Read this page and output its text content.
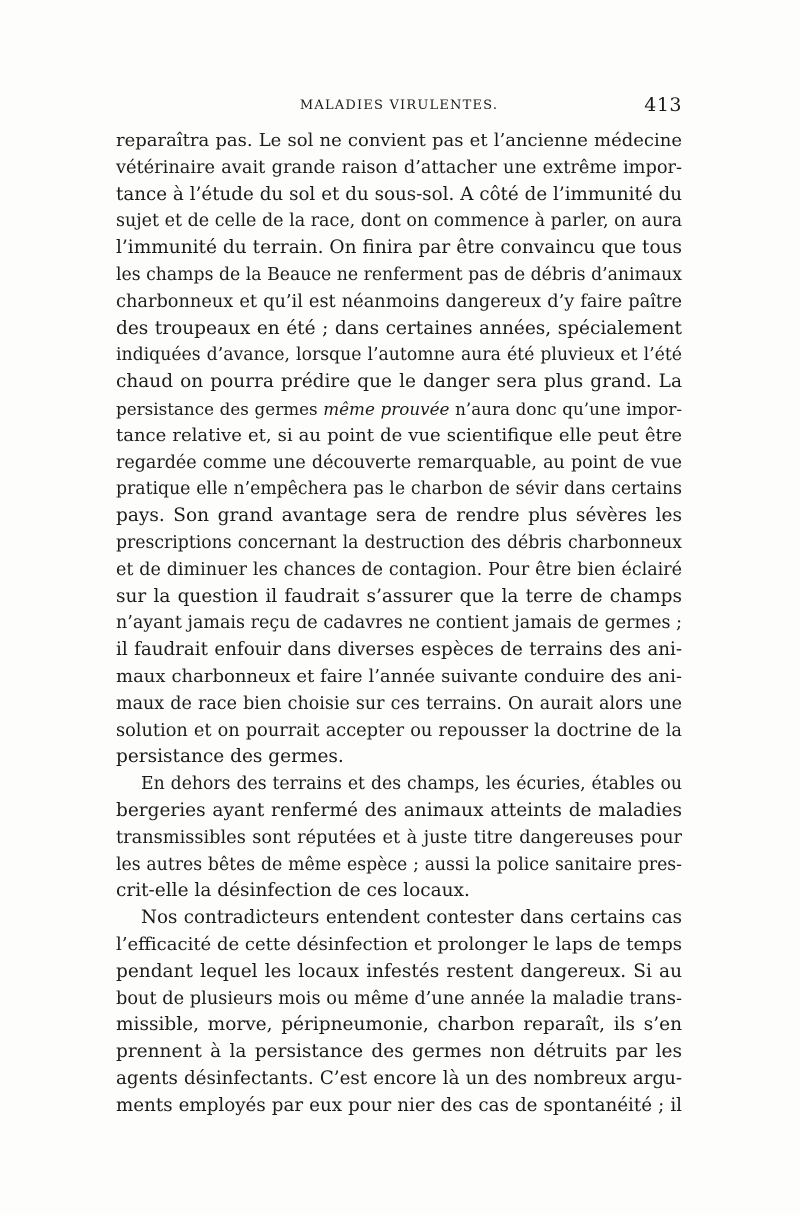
MALADIES VIRULENTES.	413
reparaîtra pas. Le sol ne convient pas et l’ancienne médecine
vétérinaire avait grande raison d’attacher une extrême impor-
tance à l’étude du sol et du sous-sol. A côté de l’immunité du
sujet et de celle de la race, dont on commence à parler, on aura
l’immunité du terrain. On finira par être convaincu que tous
les champs de la Beauce ne renferment pas de débris d’animaux
charbonneux et qu’il est néanmoins dangereux d’y faire paître
des troupeaux en été ; dans certaines années, spécialement
indiquées d’avance, lorsque l’automne aura été pluvieux et l’été
chaud on pourra prédire que le danger sera plus grand. La
persistance des germes même prouvée n’aura donc qu’une impor-
tance relative et, si au point de vue scientifique elle peut être
regardée comme une découverte remarquable, au point de vue
pratique elle n’empêchera pas le charbon de sévir dans certains
pays. Son grand avantage sera de rendre plus sévères les
prescriptions concernant la destruction des débris charbonneux
et de diminuer les chances de contagion. Pour être bien éclairé
sur la question il faudrait s’assurer que la terre de champs
n’ayant jamais reçu de cadavres ne contient jamais de germes ;
il faudrait enfouir dans diverses espèces de terrains des ani-
maux charbonneux et faire l’année suivante conduire des ani-
maux de race bien choisie sur ces terrains. On aurait alors une
solution et on pourrait accepter ou repousser la doctrine de la
persistance des germes.
En dehors des terrains et des champs, les écuries, étables ou
bergeries ayant renfermé des animaux atteints de maladies
transmissibles sont réputées et à juste titre dangereuses pour
les autres bêtes de même espèce ; aussi la police sanitaire pres-
crit-elle la désinfection de ces locaux.
Nos contradicteurs entendent contester dans certains cas
l’efficacité de cette désinfection et prolonger le laps de temps
pendant lequel les locaux infestés restent dangereux. Si au
bout de plusieurs mois ou même d’une année la maladie trans-
missible, morve, péripneumonie, charbon reparaît, ils s’en
prennent à la persistance des germes non détruits par les
agents désinfectants. C’est encore là un des nombreux argu-
ments employés par eux pour nier des cas de spontanéité ; il
